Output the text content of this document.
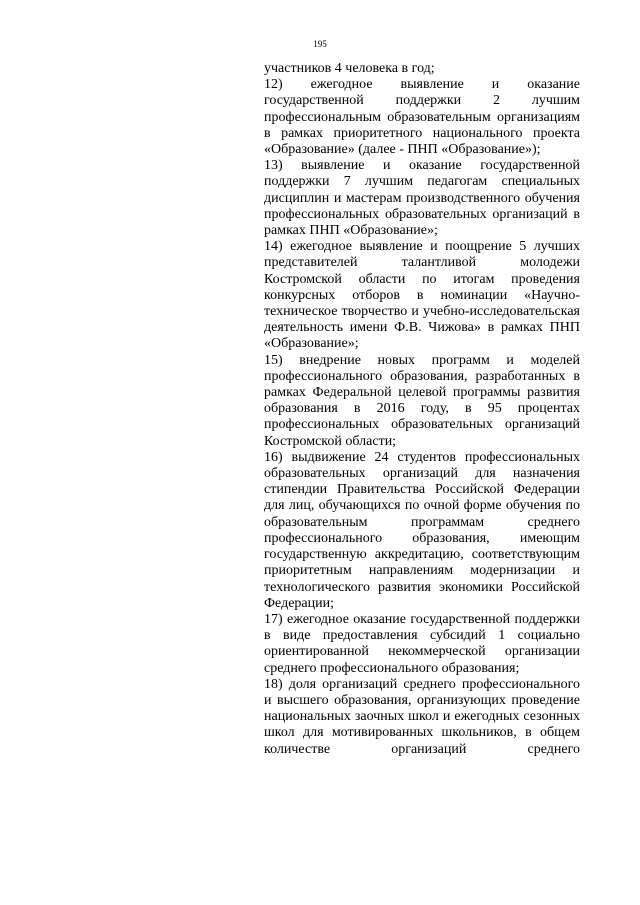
195

участников 4 человека в год;

12) ежегодное выявление и оказание государственной поддержки 2 лучшим профессиональным образовательным организациям в рамках приоритетного национального проекта «Образование» (далее - ПНП «Образование»);

13) выявление и оказание государственной поддержки 7 лучшим педагогам специальных дисциплин и мастерам производственного обучения профессиональных образовательных организаций в рамках ПНП «Образование»;

14) ежегодное выявление и поощрение 5 лучших представителей талантливой молодежи Костромской области по итогам проведения конкурсных отборов в номинации «Научно-техническое творчество и учебно-исследовательская деятельность имени Ф.В. Чижова» в рамках ПНП «Образование»;

15) внедрение новых программ и моделей профессионального образования, разработанных в рамках Федеральной целевой программы развития образования в 2016 году, в 95 процентах профессиональных образовательных организаций Костромской области;

16) выдвижение 24 студентов профессиональных образовательных организаций для назначения стипендии Правительства Российской Федерации для лиц, обучающихся по очной форме обучения по образовательным программам среднего профессионального образования, имеющим государственную аккредитацию, соответствующим приоритетным направлениям модернизации и технологического развития экономики Российской Федерации;

17) ежегодное оказание государственной поддержки в виде предоставления субсидий 1 социально ориентированной некоммерческой организации среднего профессионального образования;

18) доля организаций среднего профессионального и высшего образования, организующих проведение национальных заочных школ и ежегодных сезонных школ для мотивированных школьников, в общем количестве организаций среднего
